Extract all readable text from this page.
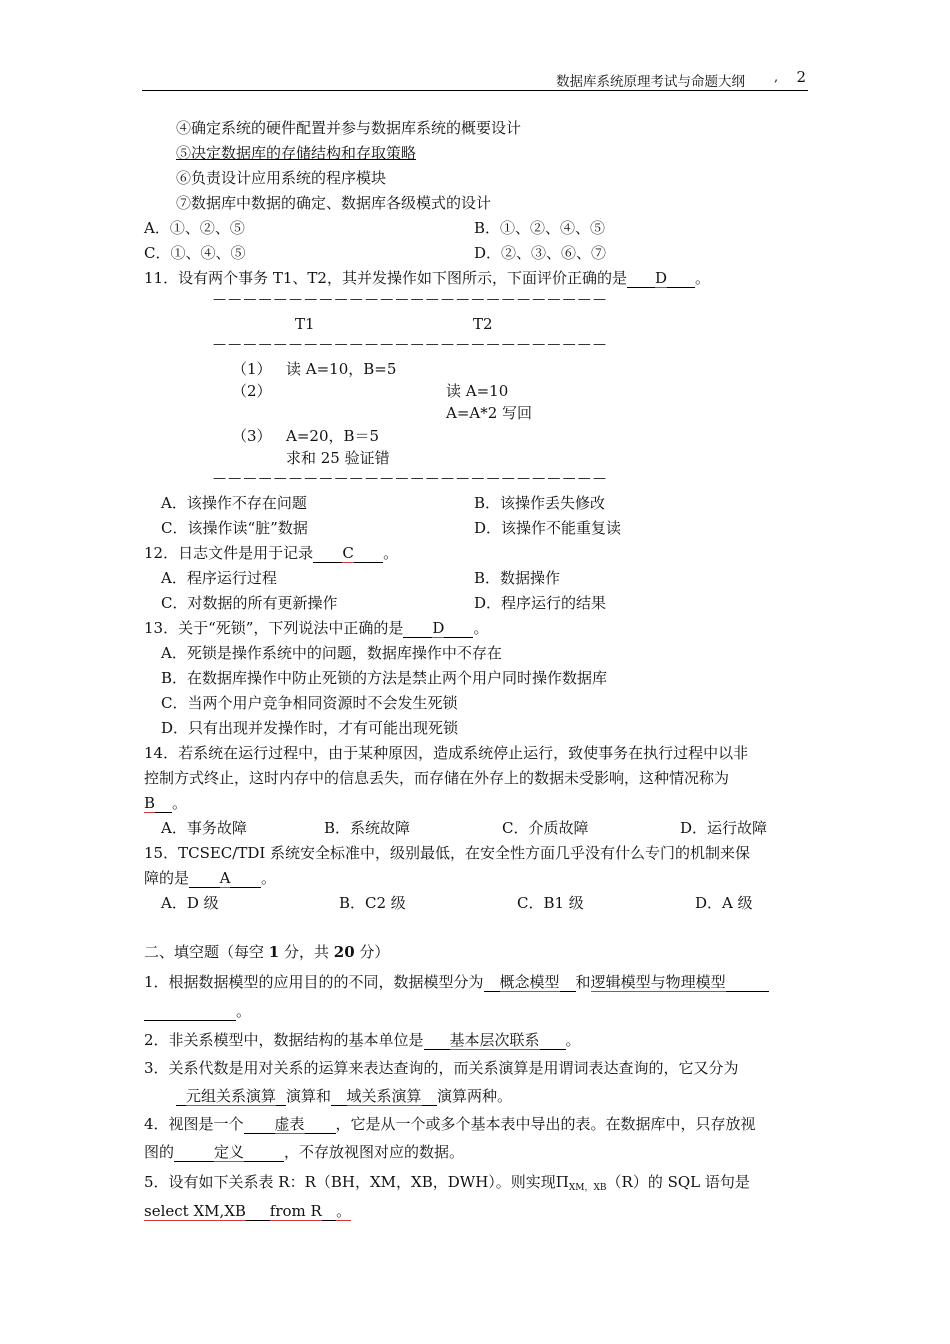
数据库系统原理考试与命题大纲 , 2
④确定系统的硬件配置并参与数据库系统的概要设计
⑤决定数据库的存储结构和存取策略
⑥负责设计应用系统的程序模块
⑦数据库中数据的确定、数据库各级模式的设计
A．①、②、⑤	B．①、②、④、⑤
C．①、④、⑤	D．②、③、⑥、⑦
11．设有两个事务 T1、T2，其并发操作如下图所示，下面评价正确的是 D 。
——————————————————————————
T1	T2
——————————————————————————
（1） 读 A=10，B=5
（2）	读 A=10
A=A*2 写回
（3） A=20，B＝5
求和 25 验证错
——————————————————————————
A．该操作不存在问题	B．该操作丢失修改
C．该操作读“脏”数据	D．该操作不能重复读
12．日志文件是用于记录 C 。
A．程序运行过程	B．数据操作
C．对数据的所有更新操作	D．程序运行的结果
13．关于“死锁”，下列说法中正确的是 D 。
A．死锁是操作系统中的问题，数据库操作中不存在
B．在数据库操作中防止死锁的方法是禁止两个用户同时操作数据库
C．当两个用户竞争相同资源时不会发生死锁
D．只有出现并发操作时，才有可能出现死锁
14．若系统在运行过程中，由于某种原因，造成系统停止运行，致使事务在执行过程中以非
控制方式终止，这时内存中的信息丢失，而存储在外存上的数据未受影响，这种情况称为
B 。
A．事务故障	B．系统故障	C．介质故障	D．运行故障
15．TCSEC/TDI 系统安全标准中，级别最低，在安全性方面几乎没有什么专门的机制来保
障的是 A 。
A．D 级	B．C2 级	C．B1 级	D．A 级
二、填空题（每空 1 分，共 20 分）
1．根据数据模型的应用目的的不同，数据模型分为 概念模型 和逻辑模型与物理模型
。
2．非关系模型中，数据结构的基本单位是 基本层次联系 。
3．关系代数是用对关系的运算来表达查询的，而关系演算是用谓词表达查询的，它又分为
元组关系演算 演算和 域关系演算 演算两种。
4．视图是一个 虚表 ，它是从一个或多个基本表中导出的表。在数据库中，只存放视
图的	定义	，不存放视图对应的数据。
5．设有如下关系表 R：R（BH，XM，XB，DWH）。则实现$\Pi_{XM,XB}(R)$的 SQL 语句是
select XM,XB from R 。
